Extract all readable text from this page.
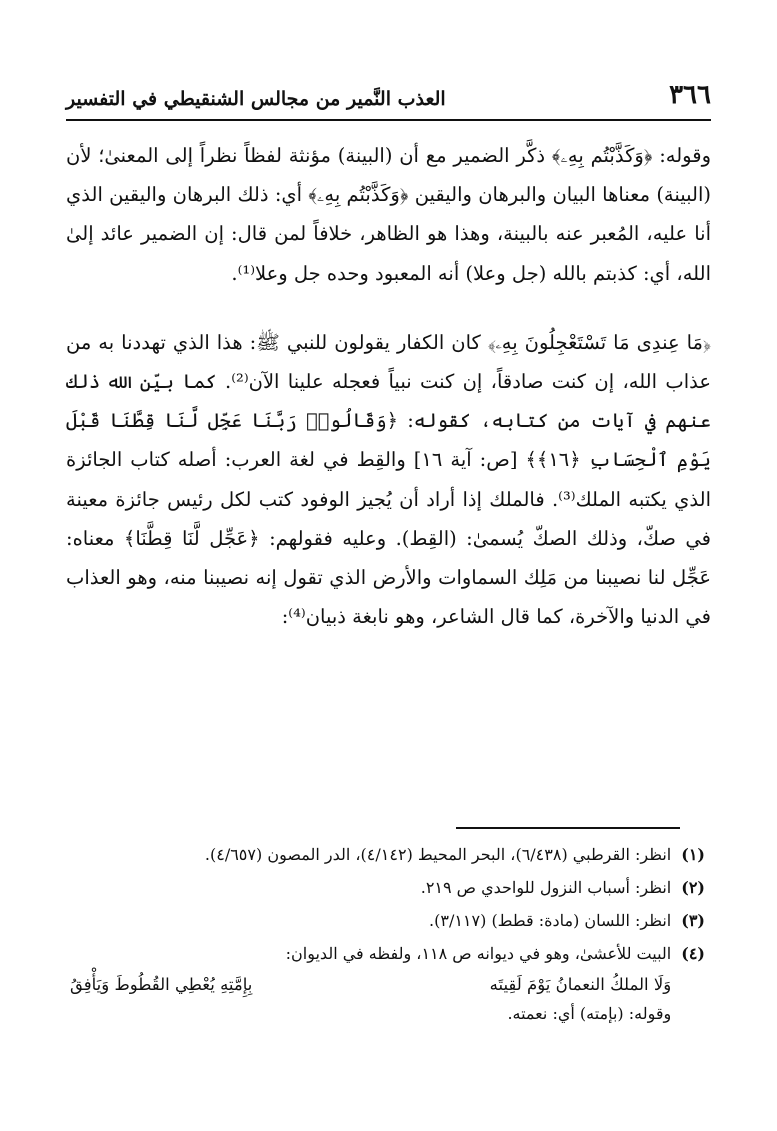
٣٦٦
العذب النَّمير من مجالس الشنقيطي في التفسير

وقوله: ﴿وَكَذَّبْتُم بِهِۦ﴾ ذكَّر الضمير مع أن (البينة) مؤنثة لفظاً نظراً إلى المعنىٰ؛ لأن (البينة) معناها البيان والبرهان واليقين ﴿وَكَذَّبْتُم بِهِۦ﴾ أي: ذلك البرهان واليقين الذي أنا عليه، المُعبر عنه بالبينة، وهذا هو الظاهر، خلافاً لمن قال: إن الضمير عائد إلىٰ الله، أي: كذبتم بالله (جل وعلا) أنه المعبود وحده جل وعلا⁽¹⁾.

﴿مَا عِندِى مَا تَسْتَعْجِلُونَ بِهِۦ﴾ كان الكفار يقولون للنبي ﷺ: هذا الذي تهددنا به من عذاب الله، إن كنت صادقاً، إن كنت نبياً فعجله علينا الآن⁽²⁾. كما بيّن الله ذلك عنهم في آيات من كتابه، كقوله: ﴿وَقَالُوا۟ رَبَّنَا عَجِّل لَّنَا قِطَّنَا قَبْلَ يَوْمِ ٱلْحِسَابِ ﴿١٦﴾﴾ [ص: آية ١٦] والقِط في لغة العرب: أصله كتاب الجائزة الذي يكتبه الملك⁽³⁾. فالملك إذا أراد أن يُجيز الوفود كتب لكل رئيس جائزة معينة في صكّ، وذلك الصكّ يُسمىٰ: (القِط). وعليه فقولهم: ﴿عَجِّل لَّنَا قِطَّنَا﴾ معناه: عَجِّل لنا نصيبنا من مَلِك السماوات والأرض الذي تقول إنه نصيبنا منه، وهو العذاب في الدنيا والآخرة، كما قال الشاعر، وهو نابغة ذبيان⁽⁴⁾:

(١)
انظر: القرطبي (٦/٤٣٨)، البحر المحيط (٤/١٤٢)، الدر المصون (٤/٦٥٧).
(٢)
انظر: أسباب النزول للواحدي ص ٢١٩.
(٣)
انظر: اللسان (مادة: قطط) (٣/١١٧).
(٤)
البيت للأعشىٰ، وهو في ديوانه ص ١١٨، ولفظه في الديوان:
وَلَا الملكُ النعمانُ يَوْمَ لَقِيتَه
بِإِمَّتِهِ يُعْطِي القُطُوطَ وَيَأْفِقُ
وقوله: (بإمته) أي: نعمته.
